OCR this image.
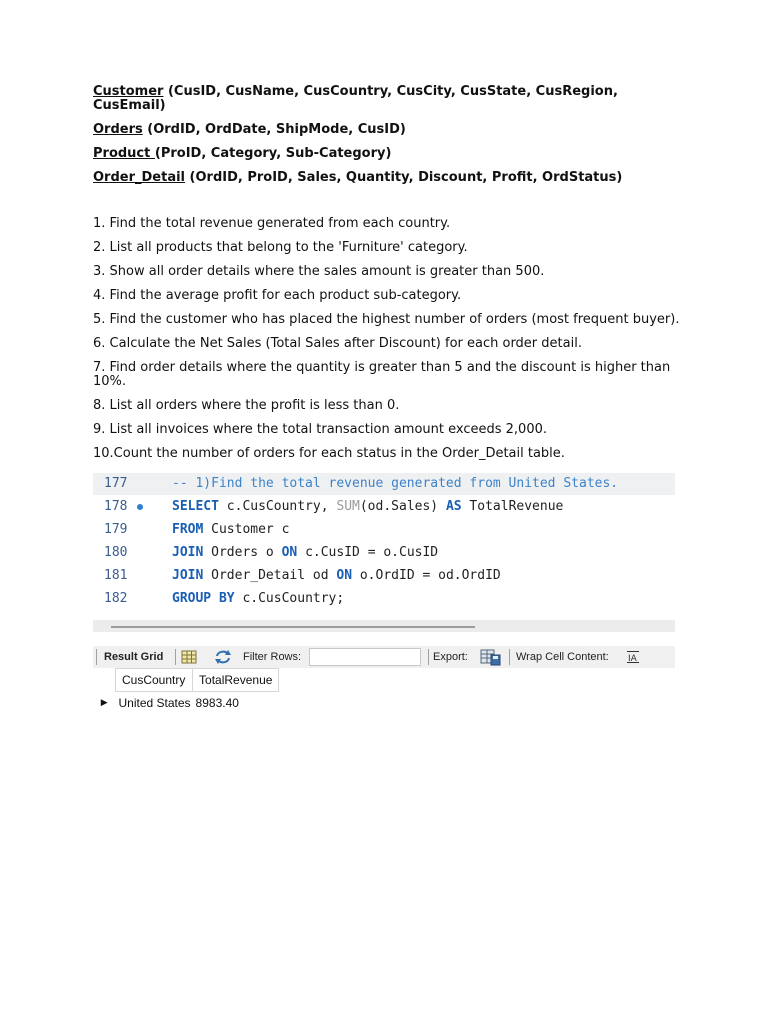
Customer (CusID, CusName, CusCountry, CusCity, CusState, CusRegion, CusEmail)

Orders (OrdID, OrdDate, ShipMode, CusID)

Product (ProID, Category, Sub-Category)

Order_Detail (OrdID, ProID, Sales, Quantity, Discount, Profit, OrdStatus)

1. Find the total revenue generated from each country.

2. List all products that belong to the 'Furniture' category.

3. Show all order details where the sales amount is greater than 500.

4. Find the average profit for each product sub-category.

5. Find the customer who has placed the highest number of orders (most frequent buyer).

6. Calculate the Net Sales (Total Sales after Discount) for each order detail.

7. Find order details where the quantity is greater than 5 and the discount is higher than 10%.

8. List all orders where the profit is less than 0.

9. List all invoices where the total transaction amount exceeds 2,000.

10.Count the number of orders for each status in the Order_Detail table.

177	-- 1)Find the total revenue generated from United States.
178	SELECT c.CusCountry, SUM(od.Sales) AS TotalRevenue
179	FROM Customer c
180	JOIN Orders o ON c.CusID = o.CusID
181	JOIN Order_Detail od ON o.OrdID = od.OrdID
182	GROUP BY c.CusCountry;
Result Grid	Filter Rows:	Export:	Wrap Cell Content: IA
	CusCountry	TotalRevenue
▶	United States	8983.40
